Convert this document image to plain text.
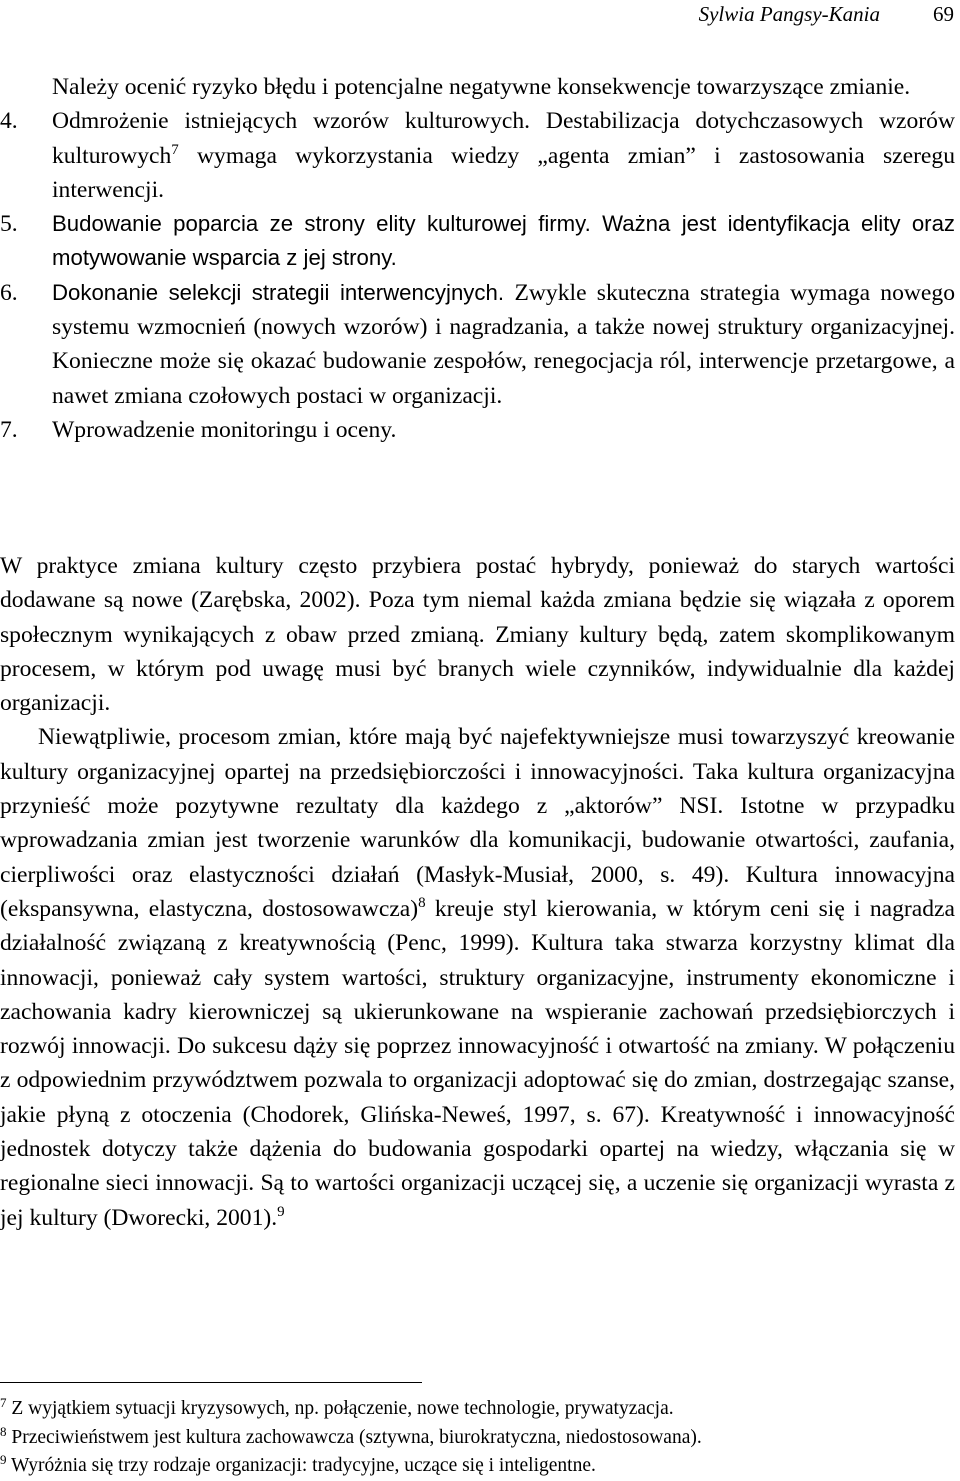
Sylwia Pangsy-Kania	69
Należy ocenić ryzyko błędu i potencjalne negatywne konsekwencje towarzyszące zmianie.
4. Odmrożenie istniejących wzorów kulturowych. Destabilizacja dotychczasowych wzorów kulturowych$^7$ wymaga wykorzystania wiedzy „agenta zmian” i zastosowania szeregu interwencji.
5. Budowanie poparcia ze strony elity kulturowej firmy. Ważna jest identyfikacja elity oraz motywowanie wsparcia z jej strony.
6. Dokonanie selekcji strategii interwencyjnych. Zwykle skuteczna strategia wymaga nowego systemu wzmocnień (nowych wzorów) i nagradzania, a także nowej struktury organizacyjnej. Konieczne może się okazać budowanie zespołów, renegocjacja ról, interwencje przetargowe, a nawet zmiana czołowych postaci w organizacji.
7. Wprowadzenie monitoringu i oceny.

W praktyce zmiana kultury często przybiera postać hybrydy, ponieważ do starych wartości dodawane są nowe (Zarębska, 2002). Poza tym niemal każda zmiana będzie się wiązała z oporem społecznym wynikających z obaw przed zmianą. Zmiany kultury będą, zatem skomplikowanym procesem, w którym pod uwagę musi być branych wiele czynników, indywidualnie dla każdej organizacji.

Niewątpliwie, procesom zmian, które mają być najefektywniejsze musi towarzyszyć kreowanie kultury organizacyjnej opartej na przedsiębiorczości i innowacyjności. Taka kultura organizacyjna przynieść może pozytywne rezultaty dla każdego z „aktorów” NSI. Istotne w przypadku wprowadzania zmian jest tworzenie warunków dla komunikacji, budowanie otwartości, zaufania, cierpliwości oraz elastyczności działań (Masłyk-Musiał, 2000, s. 49). Kultura innowacyjna (ekspansywna, elastyczna, dostosowawcza)$^8$ kreuje styl kierowania, w którym ceni się i nagradza działalność związaną z kreatywnością (Penc, 1999). Kultura taka stwarza korzystny klimat dla innowacji, ponieważ cały system wartości, struktury organizacyjne, instrumenty ekonomiczne i zachowania kadry kierowniczej są ukierunkowane na wspieranie zachowań przedsiębiorczych i rozwój innowacji. Do sukcesu dąży się poprzez innowacyjność i otwartość na zmiany. W połączeniu z odpowiednim przywództwem pozwala to organizacji adoptować się do zmian, dostrzegając szanse, jakie płyną z otoczenia (Chodorek, Glińska-Neweś, 1997, s. 67). Kreatywność i innowacyjność jednostek dotyczy także dążenia do budowania gospodarki opartej na wiedzy, włączania się w regionalne sieci innowacji. Są to wartości organizacji uczącej się, a uczenie się organizacji wyrasta z jej kultury (Dworecki, 2001).$^9$

$^7$ Z wyjątkiem sytuacji kryzysowych, np. połączenie, nowe technologie, prywatyzacja.

$^8$ Przeciwieństwem jest kultura zachowawcza (sztywna, biurokratyczna, niedostosowana).

$^9$ Wyróżnia się trzy rodzaje organizacji: tradycyjne, uczące się i inteligentne.
